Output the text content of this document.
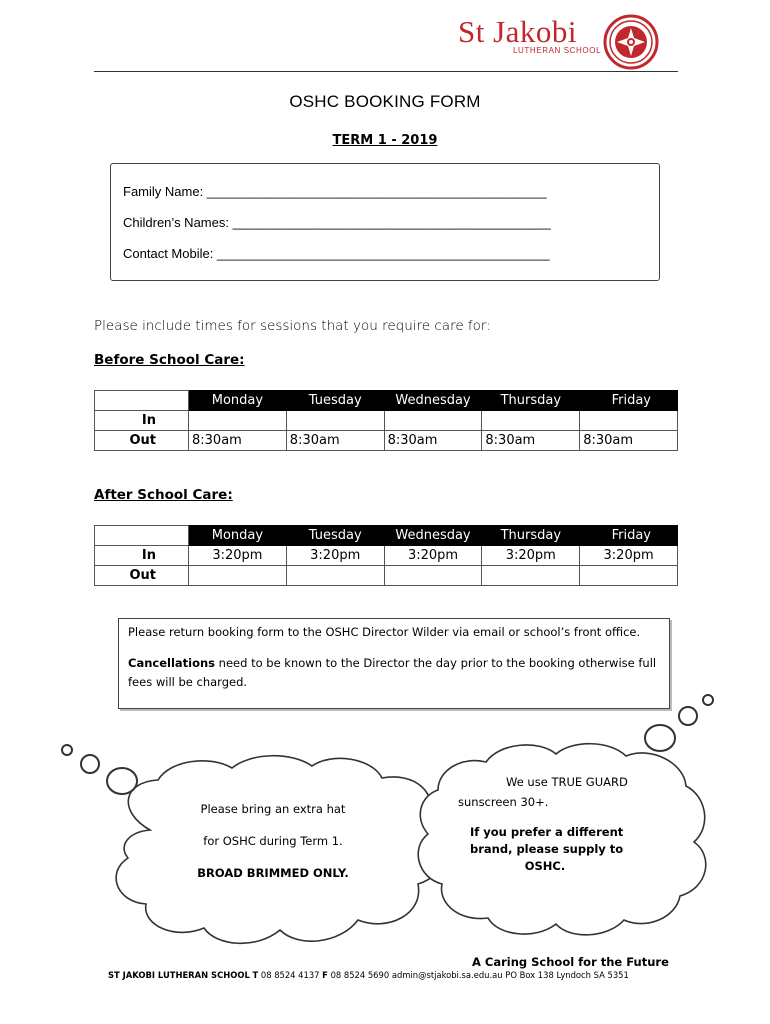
St Jakobi
LUTHERAN SCHOOL
OSHC BOOKING FORM
TERM 1 - 2019
Family Name: _______________________________________________
Children’s Names: ____________________________________________
Contact Mobile: ______________________________________________
Please include times for sessions that you require care for:
Before School Care:
	Monday	Tuesday	Wednesday	Thursday	Friday
In					
Out	8:30am	8:30am	8:30am	8:30am	8:30am
After School Care:
	Monday	Tuesday	Wednesday	Thursday	Friday
In	3:20pm	3:20pm	3:20pm	3:20pm	3:20pm
Out					

Please return booking form to the OSHC Director Wilder via email or school’s front office.

Cancellations need to be known to the Director the day prior to the booking otherwise full

fees will be charged.

Please bring an extra hat
for OSHC during Term 1.
BROAD BRIMMED ONLY.
We use TRUE GUARD
sunscreen 30+.
If you prefer a different
brand, please supply to
OSHC.
A Caring School for the Future
ST JAKOBI LUTHERAN SCHOOL T 08 8524 4137 F 08 8524 5690 admin@stjakobi.sa.edu.au PO Box 138 Lyndoch SA 5351
